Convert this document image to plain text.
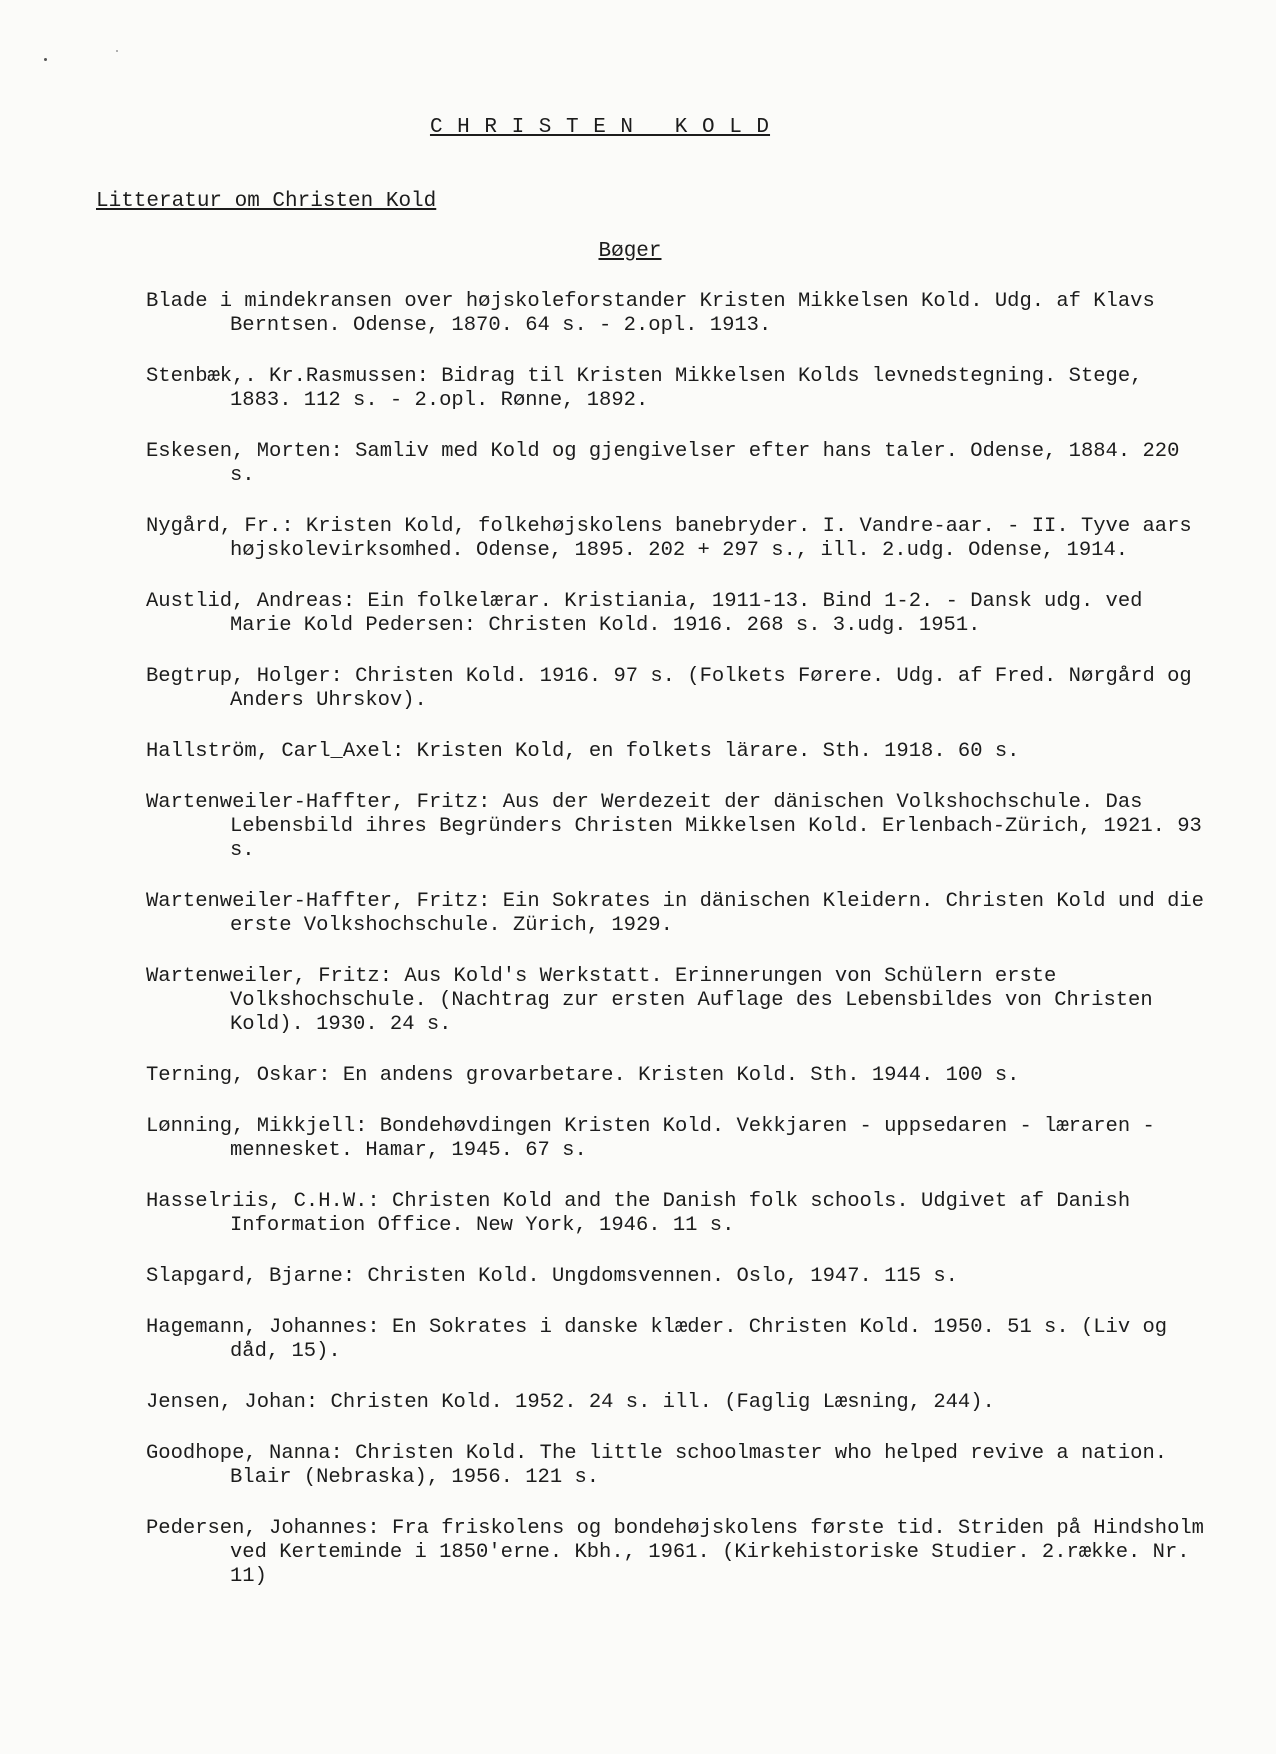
C H R I S T E N   K O L D
Litteratur om Christen Kold
Bøger

Blade i mindekransen over højskoleforstander Kristen Mikkelsen Kold. Udg. af Klavs Berntsen. Odense, 1870. 64 s. - 2.opl. 1913.

Stenbæk,. Kr.Rasmussen: Bidrag til Kristen Mikkelsen Kolds levnedstegning. Stege, 1883. 112 s. - 2.opl. Rønne, 1892.

Eskesen, Morten: Samliv med Kold og gjengivelser efter hans taler. Odense, 1884. 220 s.

Nygård, Fr.: Kristen Kold, folkehøjskolens banebryder. I. Vandre-aar. - II. Tyve aars højskolevirksomhed. Odense, 1895. 202 + 297 s., ill. 2.udg. Odense, 1914.

Austlid, Andreas: Ein folkelærar. Kristiania, 1911-13. Bind 1-2. - Dansk udg. ved Marie Kold Pedersen: Christen Kold. 1916. 268 s. 3.udg. 1951.

Begtrup, Holger: Christen Kold. 1916. 97 s. (Folkets Førere. Udg. af Fred. Nørgård og Anders Uhrskov).

Hallström, Carl_Axel: Kristen Kold, en folkets lärare. Sth. 1918. 60 s.

Wartenweiler-Haffter, Fritz: Aus der Werdezeit der dänischen Volkshochschule. Das Lebensbild ihres Begründers Christen Mikkelsen Kold. Erlenbach-Zürich, 1921. 93 s.

Wartenweiler-Haffter, Fritz: Ein Sokrates in dänischen Kleidern. Christen Kold und die erste Volkshochschule. Zürich, 1929.

Wartenweiler, Fritz: Aus Kold's Werkstatt. Erinnerungen von Schülern erste Volkshochschule. (Nachtrag zur ersten Auflage des Lebensbildes von Christen Kold). 1930. 24 s.

Terning, Oskar: En andens grovarbetare. Kristen Kold. Sth. 1944. 100 s.

Lønning, Mikkjell: Bondehøvdingen Kristen Kold. Vekkjaren - uppsedaren - læraren - mennesket. Hamar, 1945. 67 s.

Hasselriis, C.H.W.: Christen Kold and the Danish folk schools. Udgivet af Danish Information Office. New York, 1946. 11 s.

Slapgard, Bjarne: Christen Kold. Ungdomsvennen. Oslo, 1947. 115 s.

Hagemann, Johannes: En Sokrates i danske klæder. Christen Kold. 1950. 51 s. (Liv og dåd, 15).

Jensen, Johan: Christen Kold. 1952. 24 s. ill. (Faglig Læsning, 244).

Goodhope, Nanna: Christen Kold. The little schoolmaster who helped revive a nation. Blair (Nebraska), 1956. 121 s.

Pedersen, Johannes: Fra friskolens og bondehøjskolens første tid. Striden på Hindsholm ved Kerteminde i 1850'erne. Kbh., 1961. (Kirkehistoriske Studier. 2.række. Nr. 11)
